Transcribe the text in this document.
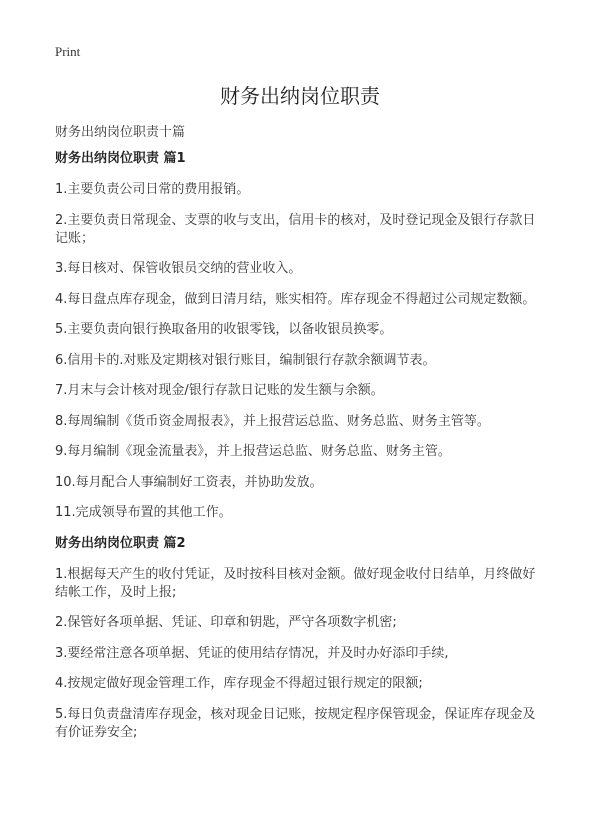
Print
财务出纳岗位职责
财务出纳岗位职责十篇
财务出纳岗位职责 篇1

1.主要负责公司日常的费用报销。

2.主要负责日常现金、支票的收与支出，信用卡的核对，及时登记现金及银行存款日记账；

3.每日核对、保管收银员交纳的营业收入。

4.每日盘点库存现金，做到日清月结，账实相符。库存现金不得超过公司规定数额。

5.主要负责向银行换取备用的收银零钱，以备收银员换零。

6.信用卡的.对账及定期核对银行账目，编制银行存款余额调节表。

7.月末与会计核对现金/银行存款日记账的发生额与余额。

8.每周编制《货币资金周报表》，并上报营运总监、财务总监、财务主管等。

9.每月编制《现金流量表》，并上报营运总监、财务总监、财务主管。

10.每月配合人事编制好工资表，并协助发放。

11.完成领导布置的其他工作。

财务出纳岗位职责 篇2

1.根据每天产生的收付凭证，及时按科目核对金额。做好现金收付日结单，月终做好结帐工作，及时上报;

2.保管好各项单据、凭证、印章和钥匙，严守各项数字机密;

3.要经常注意各项单据、凭证的使用结存情况，并及时办好添印手续,

4.按规定做好现金管理工作，库存现金不得超过银行规定的限额;

5.每日负责盘清库存现金，核对现金日记账，按规定程序保管现金，保证库存现金及有价证券安全;
